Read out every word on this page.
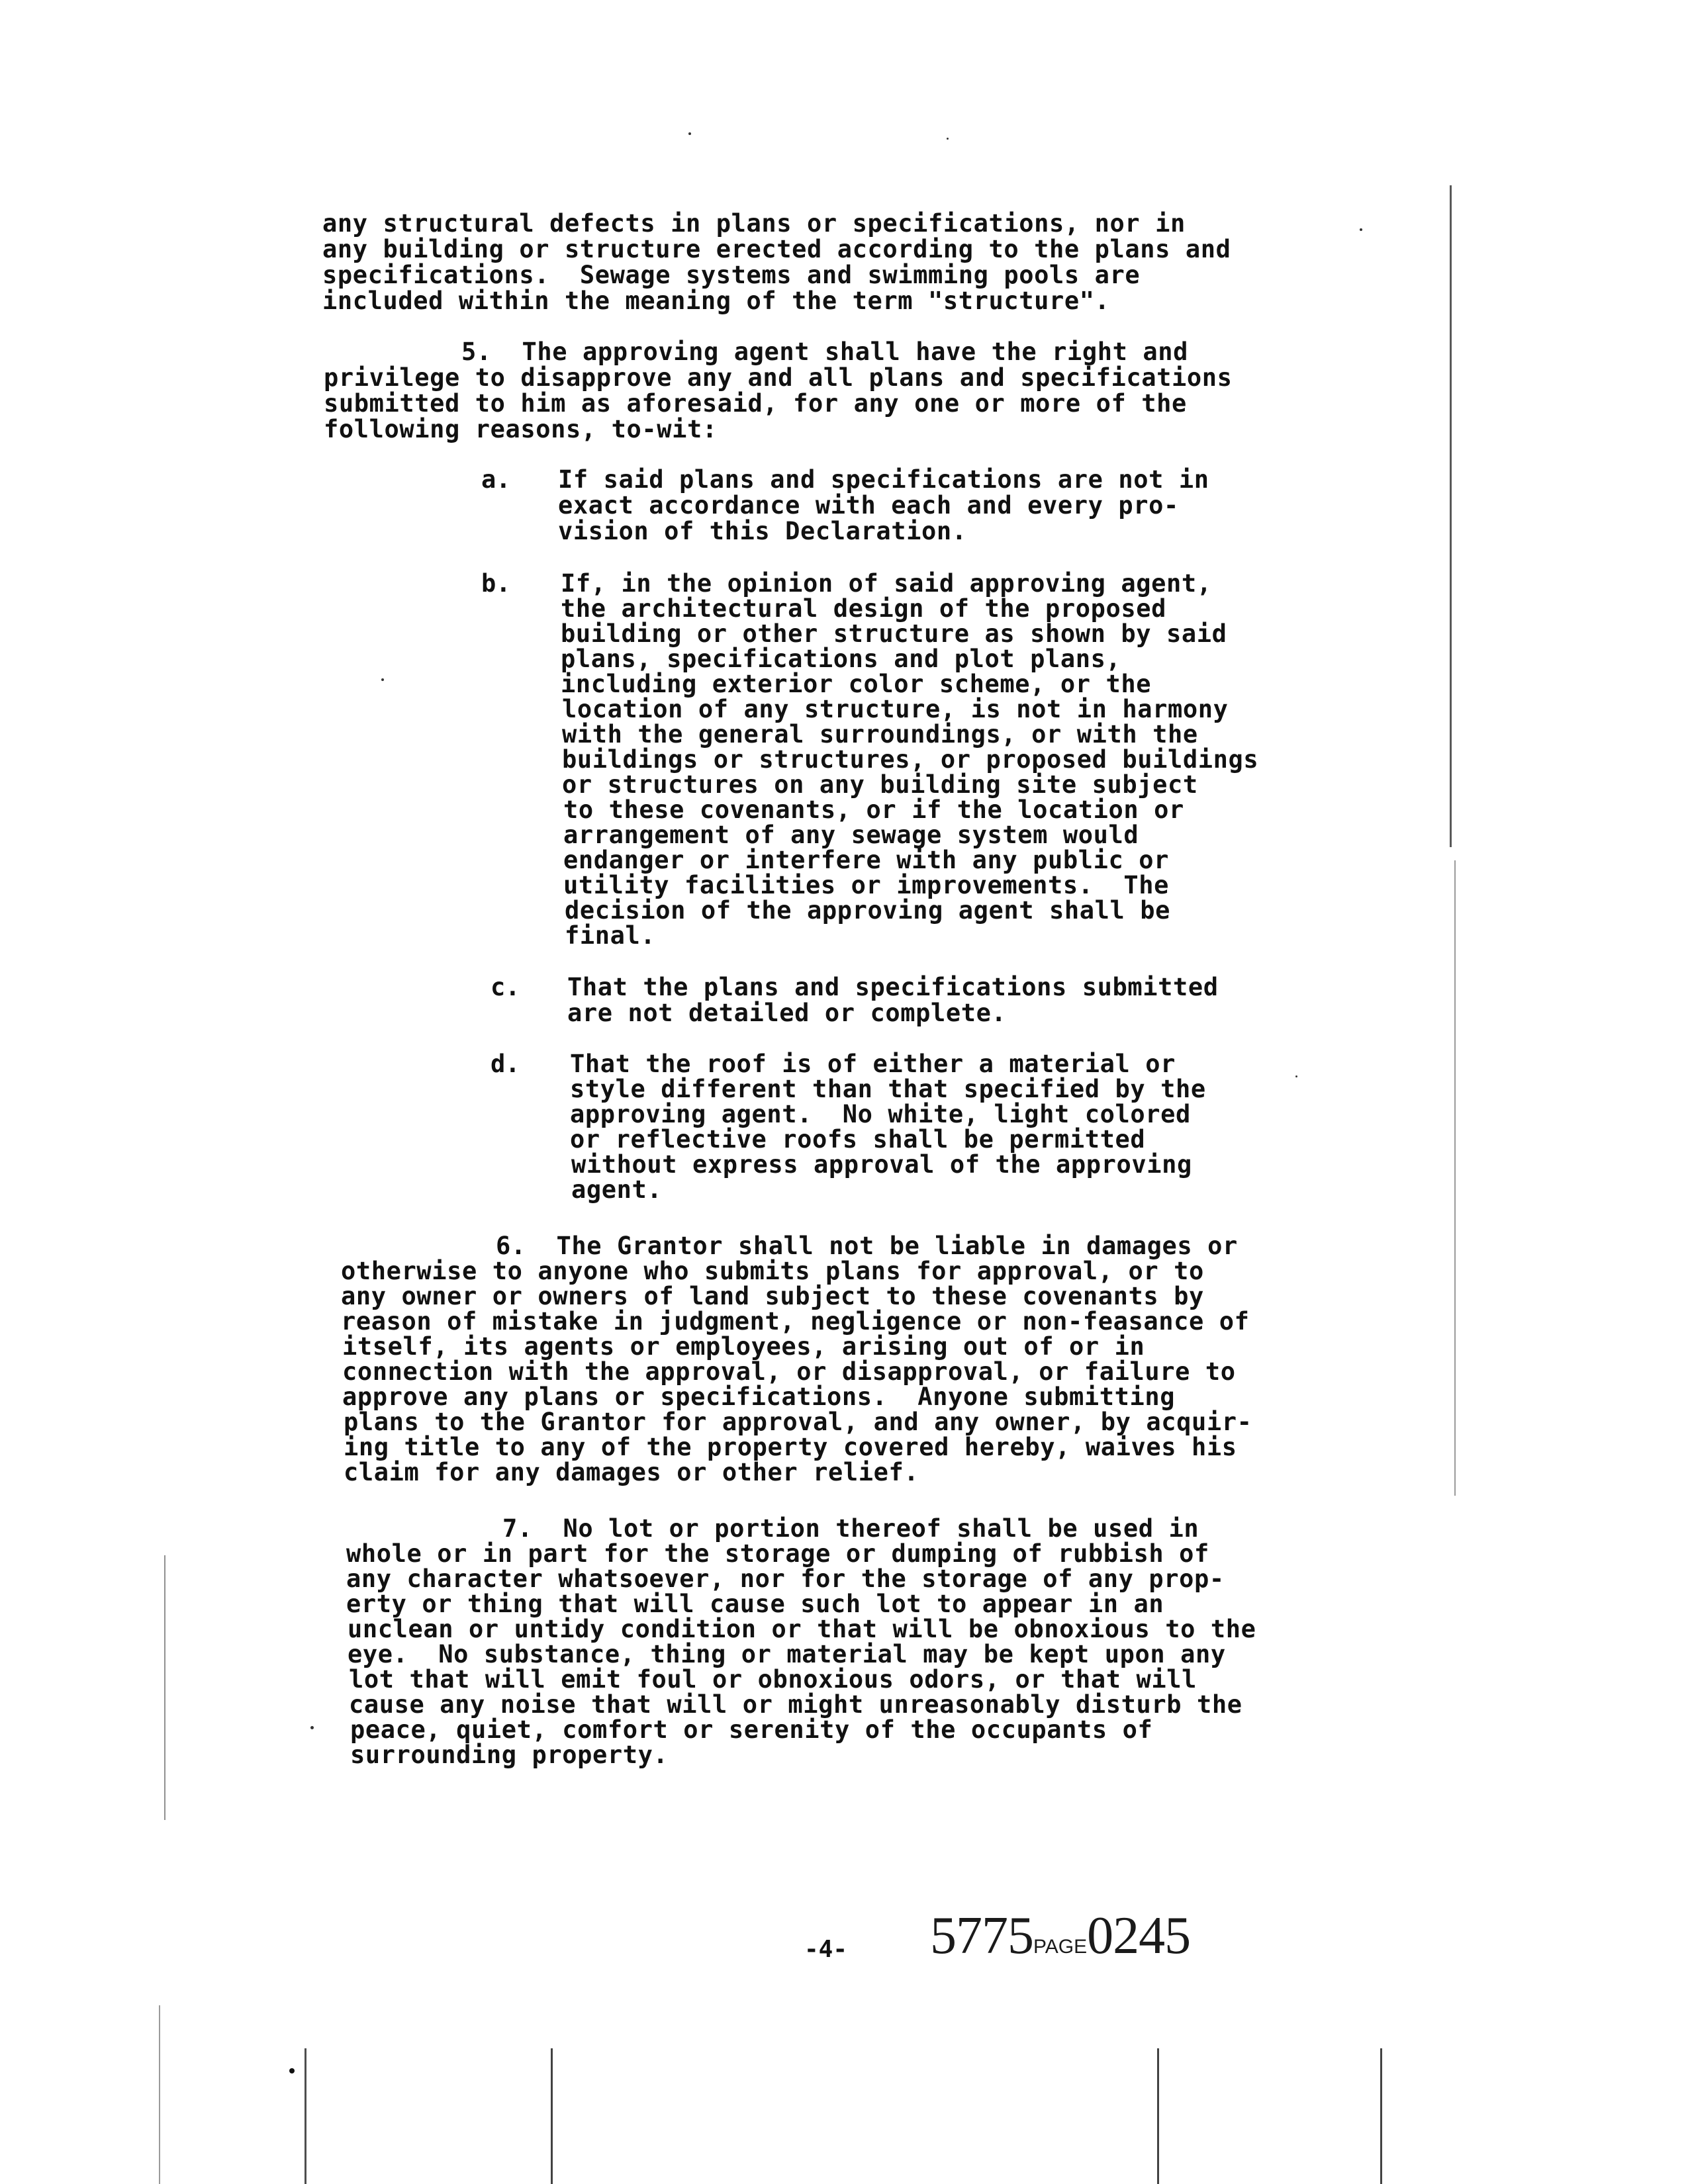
any structural defects in plans or specifications, nor in
any building or structure erected according to the plans and
specifications.  Sewage systems and swimming pools are
included within the meaning of the term "structure".
5.  The approving agent shall have the right and
privilege to disapprove any and all plans and specifications
submitted to him as aforesaid, for any one or more of the
following reasons, to-wit:
a. If said plans and specifications are not in
exact accordance with each and every pro-
vision of this Declaration.
b. If, in the opinion of said approving agent,
the architectural design of the proposed
building or other structure as shown by said
plans, specifications and plot plans,
including exterior color scheme, or the
location of any structure, is not in harmony
with the general surroundings, or with the
buildings or structures, or proposed buildings
or structures on any building site subject
to these covenants, or if the location or
arrangement of any sewage system would
endanger or interfere with any public or
utility facilities or improvements.  The
decision of the approving agent shall be
final.
c. That the plans and specifications submitted
are not detailed or complete.
d. That the roof is of either a material or
style different than that specified by the
approving agent.  No white, light colored
or reflective roofs shall be permitted
without express approval of the approving
agent.
6.  The Grantor shall not be liable in damages or
otherwise to anyone who submits plans for approval, or to
any owner or owners of land subject to these covenants by
reason of mistake in judgment, negligence or non-feasance of
itself, its agents or employees, arising out of or in
connection with the approval, or disapproval, or failure to
approve any plans or specifications.  Anyone submitting
plans to the Grantor for approval, and any owner, by acquir-
ing title to any of the property covered hereby, waives his
claim for any damages or other relief.
7.  No lot or portion thereof shall be used in
whole or in part for the storage or dumping of rubbish of
any character whatsoever, nor for the storage of any prop-
erty or thing that will cause such lot to appear in an
unclean or untidy condition or that will be obnoxious to the
eye.  No substance, thing or material may be kept upon any
lot that will emit foul or obnoxious odors, or that will
cause any noise that will or might unreasonably disturb the
peace, quiet, comfort or serenity of the occupants of
surrounding property.
-4- 5775PAGE0245
